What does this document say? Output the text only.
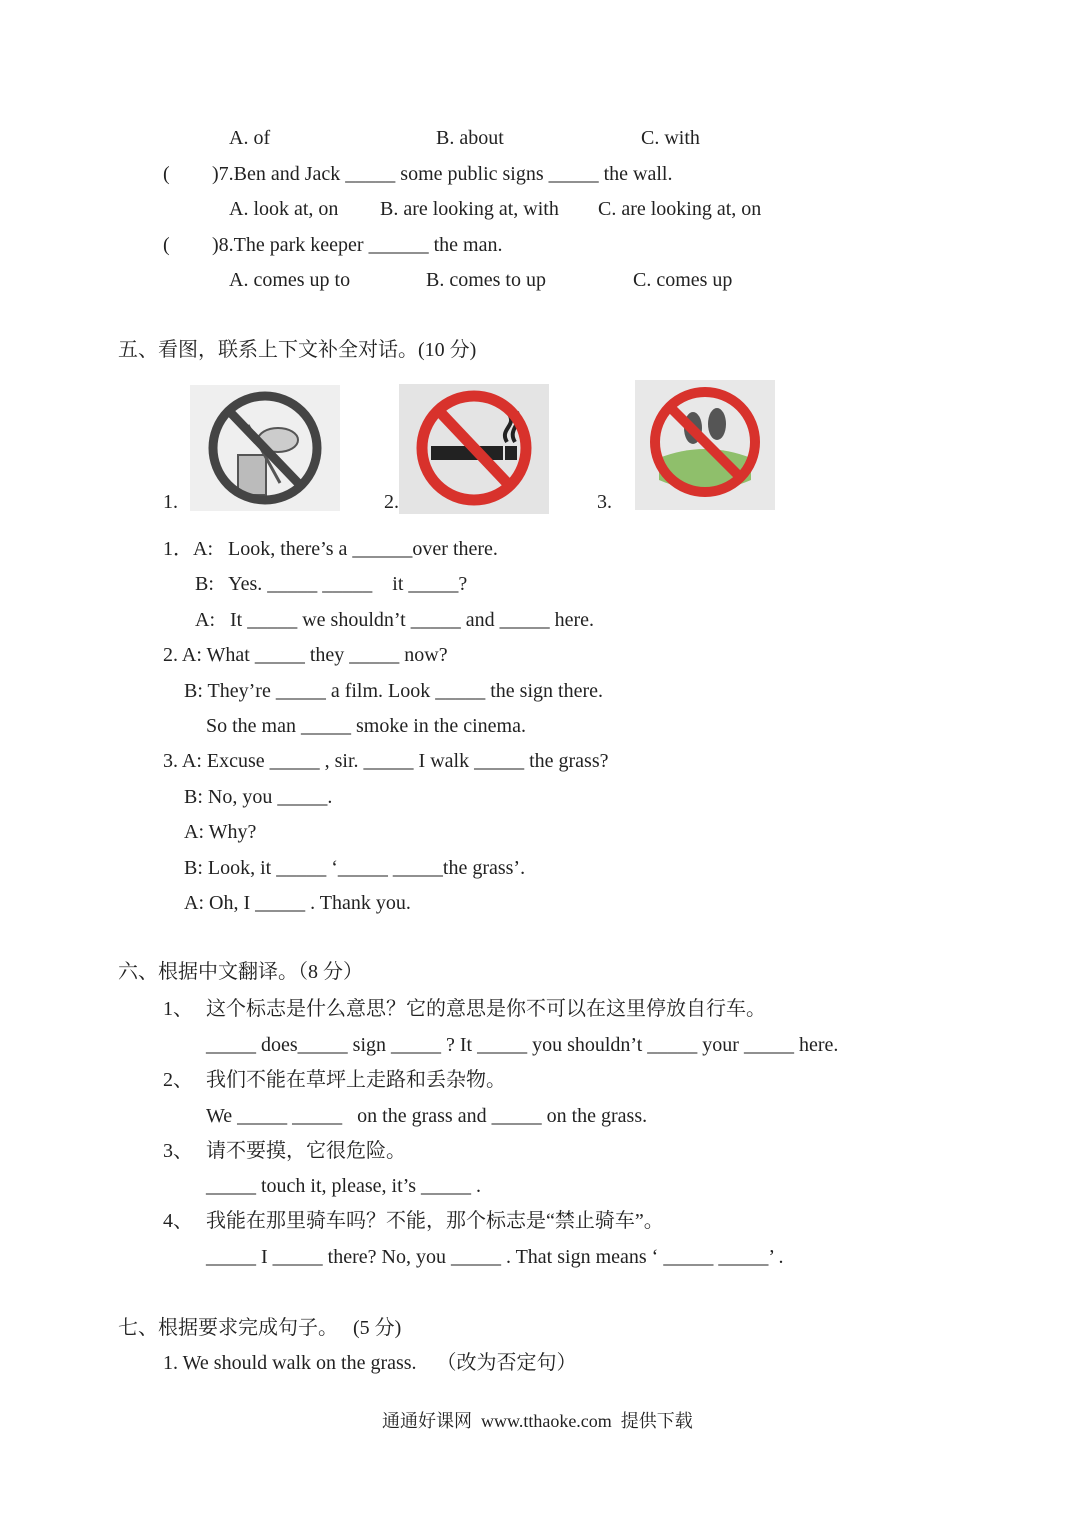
A. of	B. about	C. with
( )7.Ben and Jack _____ some public signs _____ the wall.
A. look at, on B. are looking at, with C. are looking at, on
( )8.The park keeper ______ the man.
A. comes up to	B. comes to up	C. comes up
五、看图，联系上下文补全对话。(10 分)
1.	2.	3.
1．A:   Look, there’s a ______over there.
B:   Yes. _____ _____    it _____?
A:   It _____ we shouldn’t _____ and _____ here.
2. A: What _____ they _____ now?
B: They’re _____ a film. Look _____ the sign there.
So the man _____ smoke in the cinema.
3. A: Excuse _____ , sir. _____ I walk _____ the grass?
B: No, you _____.
A: Why?
B: Look, it _____ ‘_____ _____the grass’.
A: Oh, I _____ . Thank you.
六、根据中文翻译。（8 分）
1、 这个标志是什么意思？它的意思是你不可以在这里停放自行车。
_____ does_____ sign _____ ? It _____ you shouldn’t _____ your _____ here.
2、 我们不能在草坪上走路和丢杂物。
We _____ _____   on the grass and _____ on the grass.
3、 请不要摸，它很危险。
_____ touch it, please, it’s _____ .
4、 我能在那里骑车吗？不能，那个标志是“禁止骑车”。
_____ I _____ there? No, you _____ . That sign means ‘ _____ _____’ .
七、根据要求完成句子。   (5 分)
1. We should walk on the grass.    （改为否定句）
通通好课网  www.tthaoke.com  提供下载
